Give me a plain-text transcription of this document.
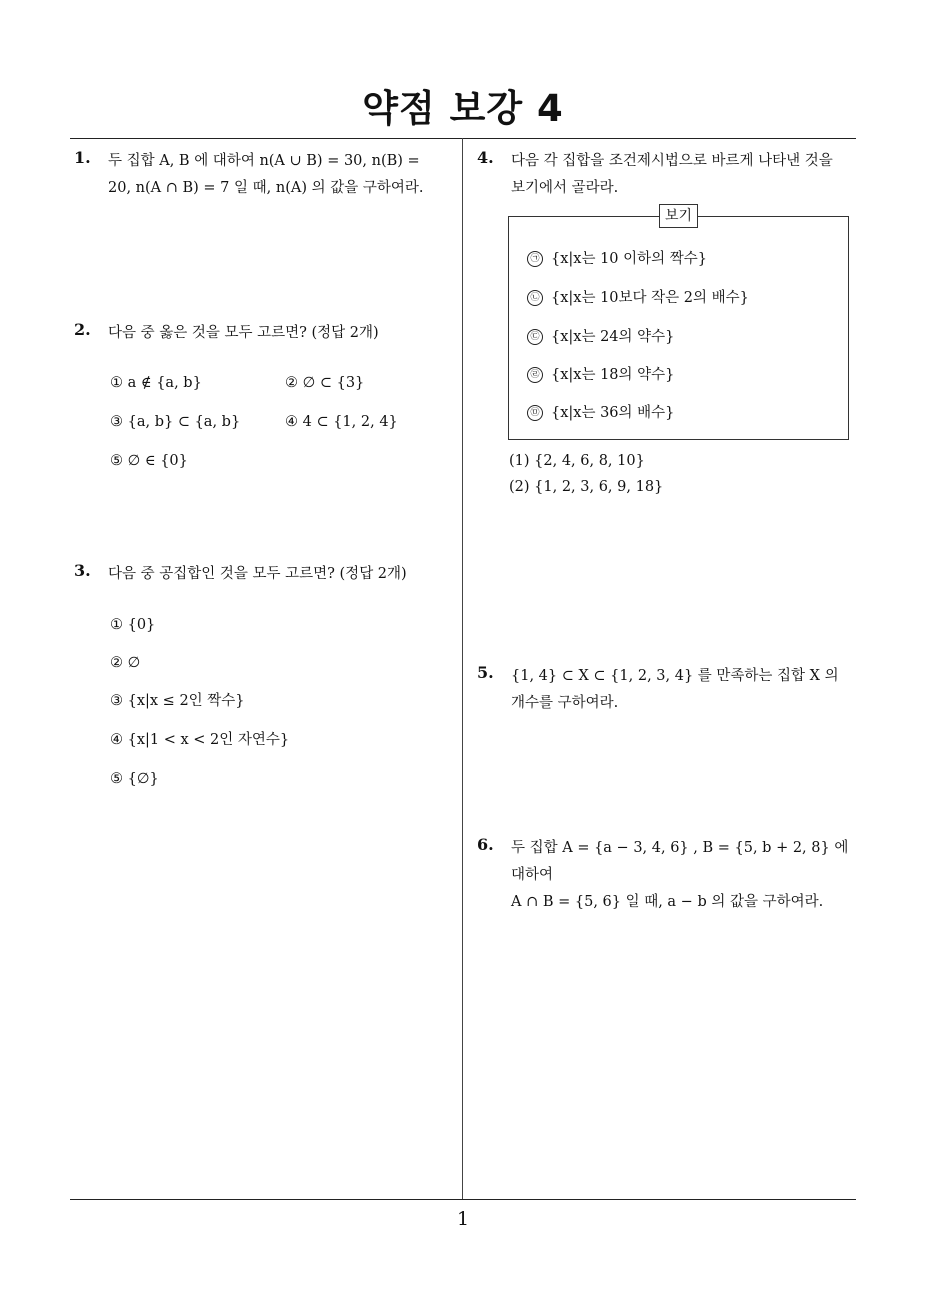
약점 보강 4
1. 두 집합 A, B 에 대하여 n(A ∪ B) = 30, n(B) =
20, n(A ∩ B) = 7 일 때, n(A) 의 값을 구하여라.
2. 다음 중 옳은 것을 모두 고르면? (정답 2개)
① a ∉ {a, b}	② ∅ ⊂ {3}
③ {a, b} ⊂ {a, b}	④ 4 ⊂ {1, 2, 4}
⑤ ∅ ∈ {0}
3. 다음 중 공집합인 것을 모두 고르면? (정답 2개)
① {0}
② ∅
③ {x|x ≤ 2인 짝수}
④ {x|1 < x < 2인 자연수}
⑤ {∅}
4. 다음 각 집합을 조건제시법으로 바르게 나타낸 것을
보기에서 골라라.
보기
㉠ {x|x는 10 이하의 짝수}
㉡ {x|x는 10보다 작은 2의 배수}
㉢ {x|x는 24의 약수}
㉣ {x|x는 18의 약수}
㉤ {x|x는 36의 배수}
(1) {2, 4, 6, 8, 10}
(2) {1, 2, 3, 6, 9, 18}
5. {1, 4} ⊂ X ⊂ {1, 2, 3, 4} 를 만족하는 집합 X 의
개수를 구하여라.
6. 두 집합 A = {a − 3, 4, 6} , B = {5, b + 2, 8} 에
대하여
A ∩ B = {5, 6} 일 때, a − b 의 값을 구하여라.
1
